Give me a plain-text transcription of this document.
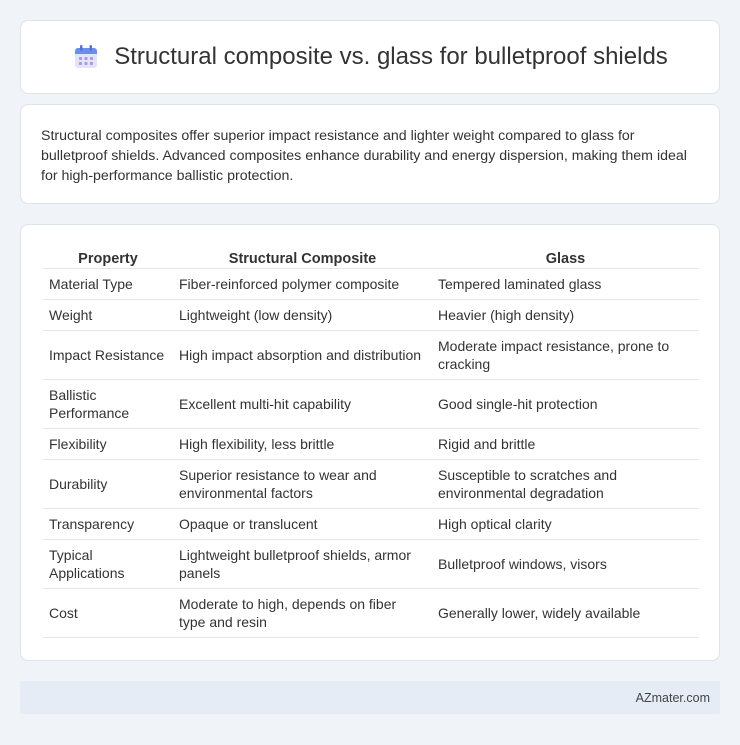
Structural composite vs. glass for bulletproof shields

Structural composites offer superior impact resistance and lighter weight compared to glass for bulletproof shields. Advanced composites enhance durability and energy dispersion, making them ideal for high-performance ballistic protection.

Property	Structural Composite	Glass
Material Type	Fiber-reinforced polymer composite	Tempered laminated glass
Weight	Lightweight (low density)	Heavier (high density)
Impact Resistance	High impact absorption and distribution	Moderate impact resistance, prone to cracking
Ballistic Performance	Excellent multi-hit capability	Good single-hit protection
Flexibility	High flexibility, less brittle	Rigid and brittle
Durability	Superior resistance to wear and environmental factors	Susceptible to scratches and environmental degradation
Transparency	Opaque or translucent	High optical clarity
Typical Applications	Lightweight bulletproof shields, armor panels	Bulletproof windows, visors
Cost	Moderate to high, depends on fiber type and resin	Generally lower, widely available
AZmater.com
